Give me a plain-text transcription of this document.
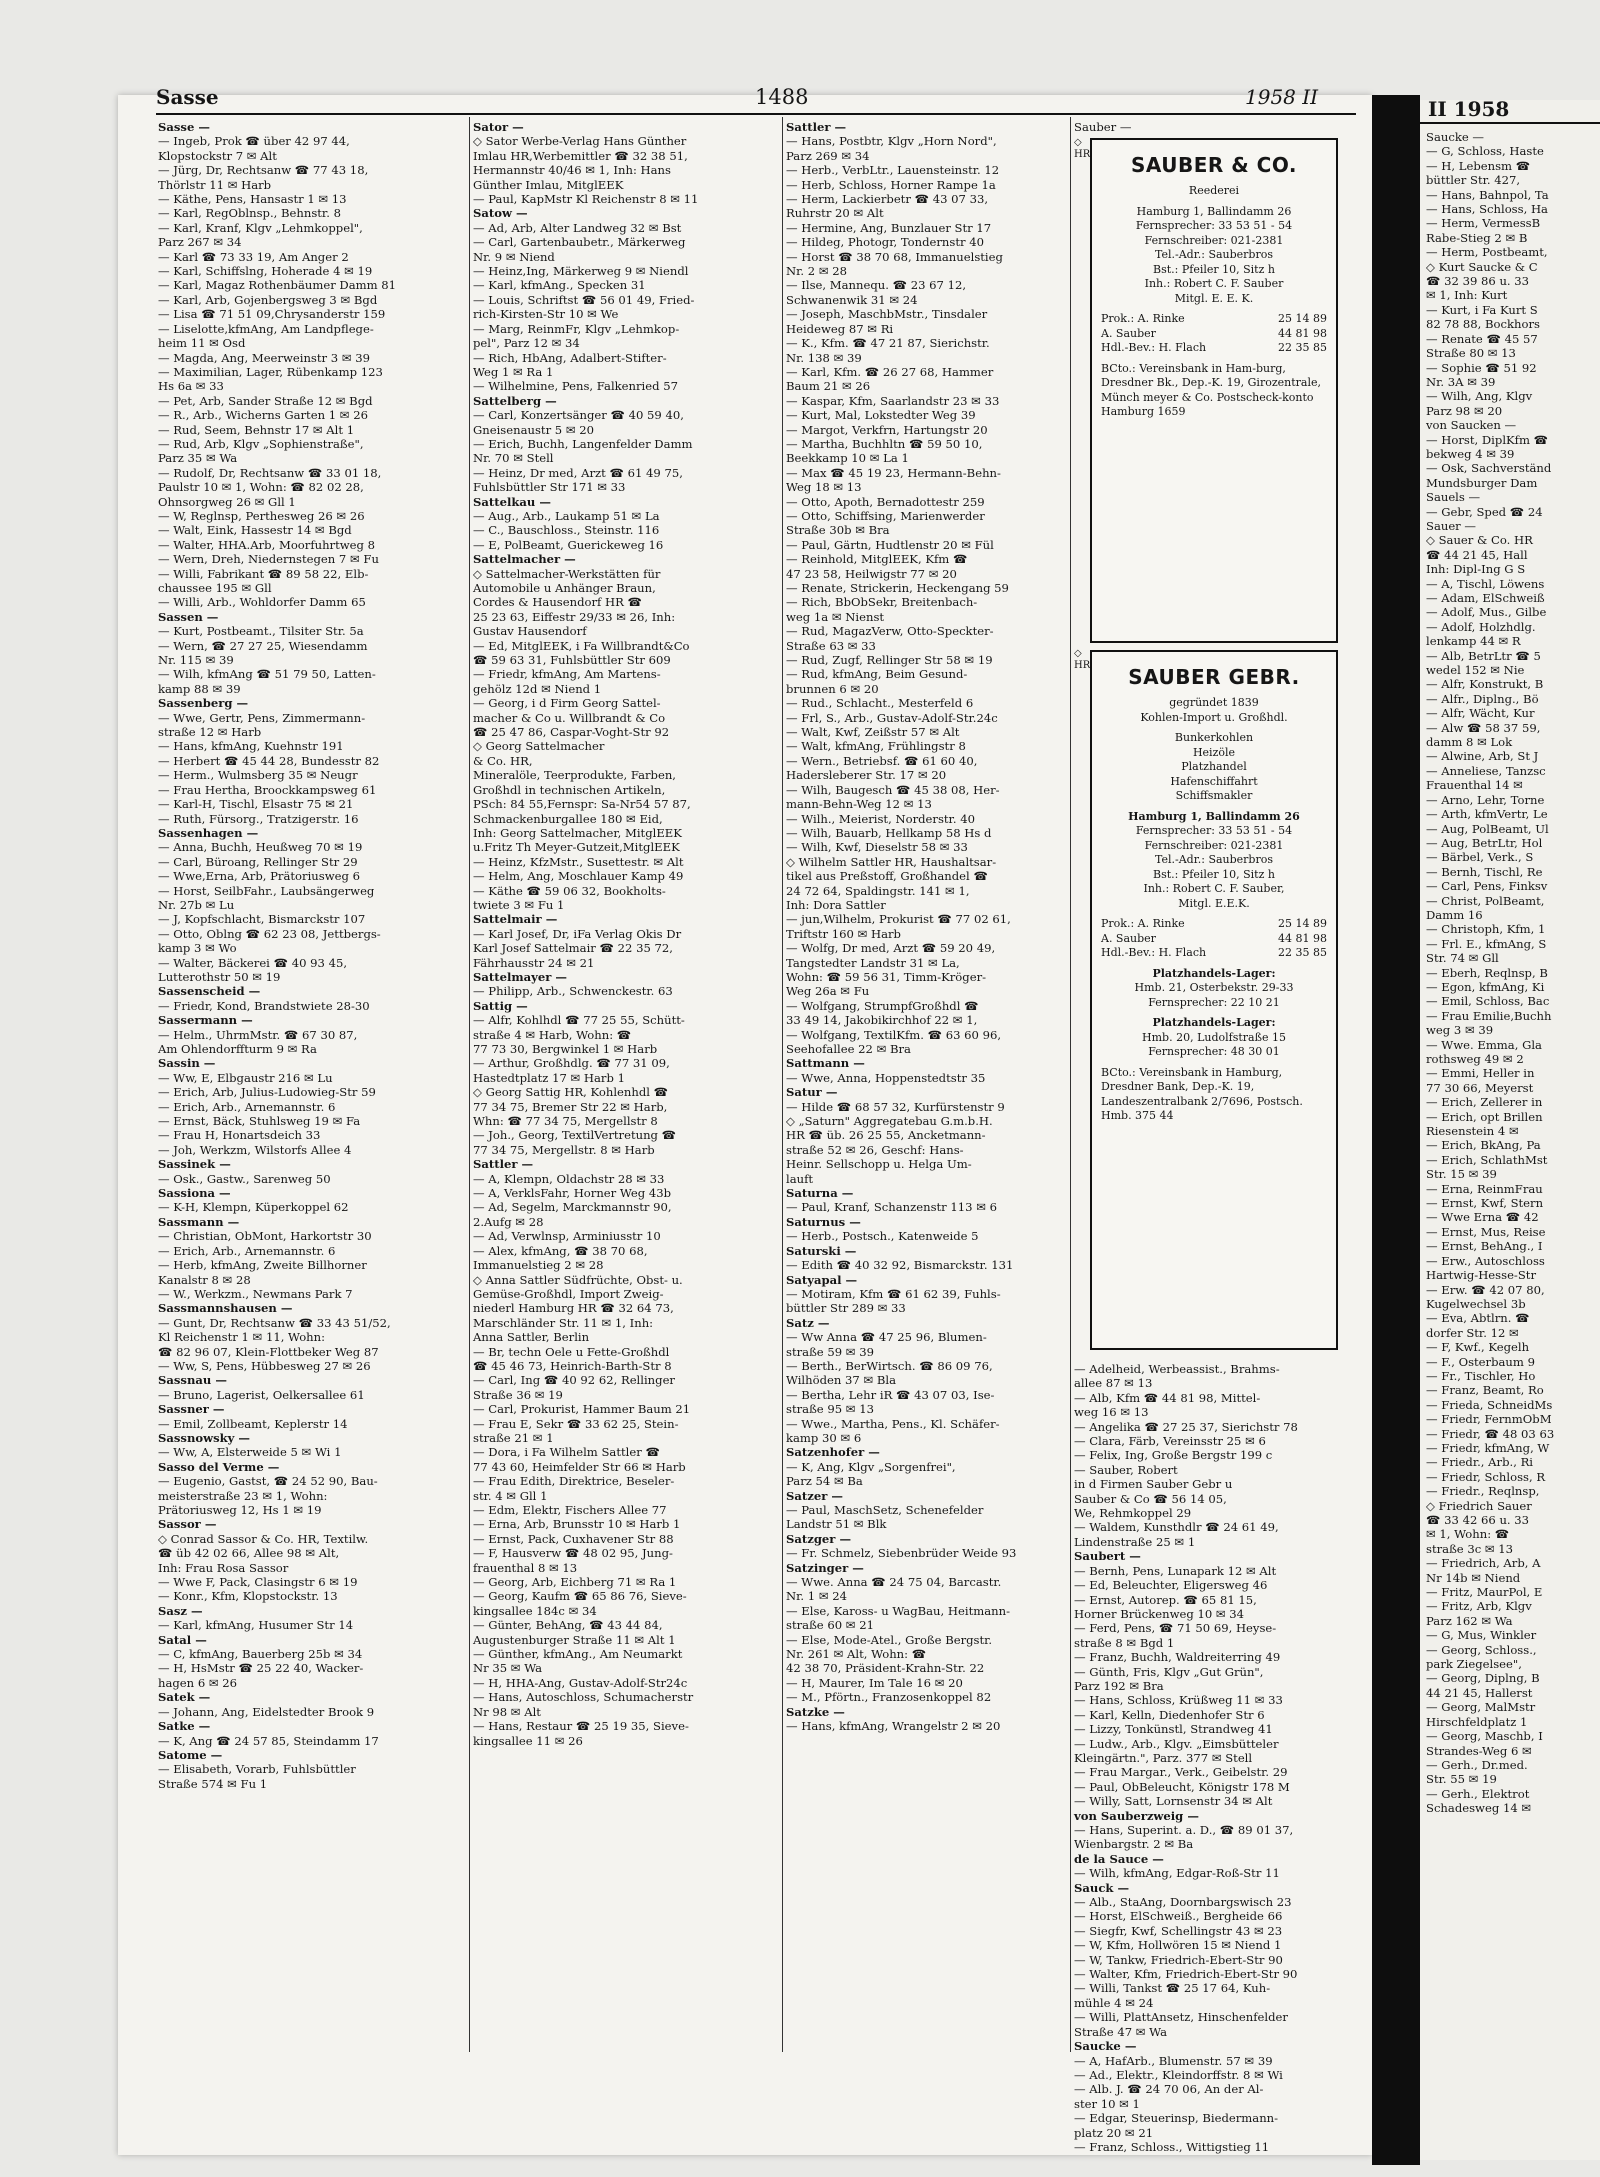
II 1958
Saucke —
— G, Schloss, Haste
— H, Lebensm ☎
büttler Str. 427,
— Hans, Bahnpol, Ta
— Hans, Schloss, Ha
— Herm, VermessB
Rabe-Stieg 2 ✉ B
— Herm, Postbeamt,
◇ Kurt Saucke & C
☎ 32 39 86 u. 33
✉ 1, Inh: Kurt
— Kurt, i Fa Kurt S
82 78 88, Bockhors
— Renate ☎ 45 57
Straße 80 ✉ 13
— Sophie ☎ 51 92
Nr. 3A ✉ 39
— Wilh, Ang, Klgv
Parz 98 ✉ 20
von Saucken —
— Horst, DiplKfm ☎
bekweg 4 ✉ 39
— Osk, Sachverständ
Mundsburger Dam
Sauels —
— Gebr, Sped ☎ 24
Sauer —
◇ Sauer & Co. HR
☎ 44 21 45, Hall
Inh: Dipl-Ing G S
— A, Tischl, Löwens
— Adam, ElSchweiß
— Adolf, Mus., Gilbe
— Adolf, Holzhdlg.
lenkamp 44 ✉ R
— Alb, BetrLtr ☎ 5
wedel 152 ✉ Nie
— Alfr, Konstrukt, B
— Alfr., Diplng., Bö
— Alfr, Wächt, Kur
— Alw ☎ 58 37 59,
damm 8 ✉ Lok
— Alwine, Arb, St J
— Anneliese, Tanzsc
Frauenthal 14 ✉
— Arno, Lehr, Torne
— Arth, kfmVertr, Le
— Aug, PolBeamt, Ul
— Aug, BetrLtr, Hol
— Bärbel, Verk., S
— Bernh, Tischl, Re
— Carl, Pens, Finksv
— Christ, PolBeamt,
Damm 16
— Christoph, Kfm, 1
— Frl. E., kfmAng, S
Str. 74 ✉ Gll
— Eberh, Reqlnsp, B
— Egon, kfmAng, Ki
— Emil, Schloss, Bac
— Frau Emilie,Buchh
weg 3 ✉ 39
— Wwe. Emma, Gla
rothsweg 49 ✉ 2
— Emmi, Heller in
77 30 66, Meyerst
— Erich, Zellerer in
— Erich, opt Brillen
Riesenstein 4 ✉
— Erich, BkAng, Pa
— Erich, SchlathMst
Str. 15 ✉ 39
— Erna, ReinmFrau
— Ernst, Kwf, Stern
— Wwe Erna ☎ 42
— Ernst, Mus, Reise
— Ernst, BehAng., I
— Erw., Autoschloss
Hartwig-Hesse-Str
— Erw. ☎ 42 07 80,
Kugelwechsel 3b
— Eva, Abtlrn. ☎
dorfer Str. 12 ✉
— F, Kwf., Kegelh
— F., Osterbaum 9
— Fr., Tischler, Ho
— Franz, Beamt, Ro
— Frieda, SchneidMs
— Friedr, FernmObM
— Friedr, ☎ 48 03 63
— Friedr, kfmAng, W
— Friedr., Arb., Ri
— Friedr, Schloss, R
— Friedr., Reqlnsp,
◇ Friedrich Sauer
☎ 33 42 66 u. 33
✉ 1, Wohn: ☎
straße 3c ✉ 13
— Friedrich, Arb, A
Nr 14b ✉ Niend
— Fritz, MaurPol, E
— Fritz, Arb, Klgv
Parz 162 ✉ Wa
— G, Mus, Winkler
— Georg, Schloss.,
park Ziegelsee",
— Georg, Diplng, B
44 21 45, Hallerst
— Georg, MalMstr
Hirschfeldplatz 1
— Georg, Maschb, I
Strandes-Weg 6 ✉
— Gerh., Dr.med.
Str. 55 ✉ 19
— Gerh., Elektrot
Schadesweg 14 ✉
Sasse	1488	1958 II
Sasse —
— Ingeb, Prok ☎ über 42 97 44,
Klopstockstr 7 ✉ Alt
— Jürg, Dr, Rechtsanw ☎ 77 43 18,
Thörlstr 11 ✉ Harb
— Käthe, Pens, Hansastr 1 ✉ 13
— Karl, RegOblnsp., Behnstr. 8
— Karl, Kranf, Klgv „Lehmkoppel",
Parz 267 ✉ 34
— Karl ☎ 73 33 19, Am Anger 2
— Karl, Schiffslng, Hoherade 4 ✉ 19
— Karl, Magaz Rothenbäumer Damm 81
— Karl, Arb, Gojenbergsweg 3 ✉ Bgd
— Lisa ☎ 71 51 09,Chrysanderstr 159
— Liselotte,kfmAng, Am Landpflege-
heim 11 ✉ Osd
— Magda, Ang, Meerweinstr 3 ✉ 39
— Maximilian, Lager, Rübenkamp 123
Hs 6a ✉ 33
— Pet, Arb, Sander Straße 12 ✉ Bgd
— R., Arb., Wicherns Garten 1 ✉ 26
— Rud, Seem, Behnstr 17 ✉ Alt 1
— Rud, Arb, Klgv „Sophienstraße",
Parz 35 ✉ Wa
— Rudolf, Dr, Rechtsanw ☎ 33 01 18,
Paulstr 10 ✉ 1, Wohn: ☎ 82 02 28,
Ohnsorgweg 26 ✉ Gll 1
— W, Reglnsp, Perthesweg 26 ✉ 26
— Walt, Eink, Hassestr 14 ✉ Bgd
— Walter, HHA.Arb, Moorfuhrtweg 8
— Wern, Dreh, Niedernstegen 7 ✉ Fu
— Willi, Fabrikant ☎ 89 58 22, Elb-
chaussee 195 ✉ Gll
— Willi, Arb., Wohldorfer Damm 65
Sassen —
— Kurt, Postbeamt., Tilsiter Str. 5a
— Wern, ☎ 27 27 25, Wiesendamm
Nr. 115 ✉ 39
— Wilh, kfmAng ☎ 51 79 50, Latten-
kamp 88 ✉ 39
Sassenberg —
— Wwe, Gertr, Pens, Zimmermann-
straße 12 ✉ Harb
— Hans, kfmAng, Kuehnstr 191
— Herbert ☎ 45 44 28, Bundesstr 82
— Herm., Wulmsberg 35 ✉ Neugr
— Frau Hertha, Broockkampsweg 61
— Karl-H, Tischl, Elsastr 75 ✉ 21
— Ruth, Fürsorg., Tratzigerstr. 16
Sassenhagen —
— Anna, Buchh, Heußweg 70 ✉ 19
— Carl, Büroang, Rellinger Str 29
— Wwe,Erna, Arb, Prätoriusweg 6
— Horst, SeilbFahr., Laubsängerweg
Nr. 27b ✉ Lu
— J, Kopfschlacht, Bismarckstr 107
— Otto, Oblng ☎ 62 23 08, Jettbergs-
kamp 3 ✉ Wo
— Walter, Bäckerei ☎ 40 93 45,
Lutterothstr 50 ✉ 19
Sassenscheid —
— Friedr, Kond, Brandstwiete 28-30
Sassermann —
— Helm., UhrmMstr. ☎ 67 30 87,
Am Ohlendorffturm 9 ✉ Ra
Sassin —
— Ww, E, Elbgaustr 216 ✉ Lu
— Erich, Arb, Julius-Ludowieg-Str 59
— Erich, Arb., Arnemannstr. 6
— Ernst, Bäck, Stuhlsweg 19 ✉ Fa
— Frau H, Honartsdeich 33
— Joh, Werkzm, Wilstorfs Allee 4
Sassinek —
— Osk., Gastw., Sarenweg 50
Sassiona —
— K-H, Klempn, Küperkoppel 62
Sassmann —
— Christian, ObMont, Harkortstr 30
— Erich, Arb., Arnemannstr. 6
— Herb, kfmAng, Zweite Billhorner
Kanalstr 8 ✉ 28
— W., Werkzm., Newmans Park 7
Sassmannshausen —
— Gunt, Dr, Rechtsanw ☎ 33 43 51/52,
Kl Reichenstr 1 ✉ 11, Wohn:
☎ 82 96 07, Klein-Flottbeker Weg 87
— Ww, S, Pens, Hübbesweg 27 ✉ 26
Sassnau —
— Bruno, Lagerist, Oelkersallee 61
Sassner —
— Emil, Zollbeamt, Keplerstr 14
Sassnowsky —
— Ww, A, Elsterweide 5 ✉ Wi 1
Sasso del Verme —
— Eugenio, Gastst, ☎ 24 52 90, Bau-
meisterstraße 23 ✉ 1, Wohn:
Prätoriusweg 12, Hs 1 ✉ 19
Sassor —
◇ Conrad Sassor & Co. HR, Textilw.
☎ üb 42 02 66, Allee 98 ✉ Alt,
Inh: Frau Rosa Sassor
— Wwe F, Pack, Clasingstr 6 ✉ 19
— Konr., Kfm, Klopstockstr. 13
Sasz —
— Karl, kfmAng, Husumer Str 14
Satal —
— C, kfmAng, Bauerberg 25b ✉ 34
— H, HsMstr ☎ 25 22 40, Wacker-
hagen 6 ✉ 26
Satek —
— Johann, Ang, Eidelstedter Brook 9
Satke —
— K, Ang ☎ 24 57 85, Steindamm 17
Satome —
— Elisabeth, Vorarb, Fuhlsbüttler
Straße 574 ✉ Fu 1
Sator —
◇ Sator Werbe-Verlag Hans Günther
Imlau HR,Werbemittler ☎ 32 38 51,
Hermannstr 40/46 ✉ 1, Inh: Hans
Günther Imlau, MitglEEK
— Paul, KapMstr Kl Reichenstr 8 ✉ 11
Satow —
— Ad, Arb, Alter Landweg 32 ✉ Bst
— Carl, Gartenbaubetr., Märkerweg
Nr. 9 ✉ Niend
— Heinz,Ing, Märkerweg 9 ✉ Niendl
— Karl, kfmAng., Specken 31
— Louis, Schriftst ☎ 56 01 49, Fried-
rich-Kirsten-Str 10 ✉ We
— Marg, ReinmFr, Klgv „Lehmkop-
pel", Parz 12 ✉ 34
— Rich, HbAng, Adalbert-Stifter-
Weg 1 ✉ Ra 1
— Wilhelmine, Pens, Falkenried 57
Sattelberg —
— Carl, Konzertsänger ☎ 40 59 40,
Gneisenaustr 5 ✉ 20
— Erich, Buchh, Langenfelder Damm
Nr. 70 ✉ Stell
— Heinz, Dr med, Arzt ☎ 61 49 75,
Fuhlsbüttler Str 171 ✉ 33
Sattelkau —
— Aug., Arb., Laukamp 51 ✉ La
— C., Bauschloss., Steinstr. 116
— E, PolBeamt, Guerickeweg 16
Sattelmacher —
◇ Sattelmacher-Werkstätten für
Automobile u Anhänger Braun,
Cordes & Hausendorf HR ☎
25 23 63, Eiffestr 29/33 ✉ 26, Inh:
Gustav Hausendorf
— Ed, MitglEEK, i Fa Willbrandt&Co
☎ 59 63 31, Fuhlsbüttler Str 609
— Friedr, kfmAng, Am Martens-
gehölz 12d ✉ Niend 1
— Georg, i d Firm Georg Sattel-
macher & Co u. Willbrandt & Co
☎ 25 47 86, Caspar-Voght-Str 92
◇ Georg Sattelmacher
& Co. HR,
Mineralöle, Teerprodukte, Farben,
Großhdl in technischen Artikeln,
PSch: 84 55,Fernspr: Sa-Nr54 57 87,
Schmackenburgallee 180 ✉ Eid,
Inh: Georg Sattelmacher, MitglEEK
u.Fritz Th Meyer-Gutzeit,MitglEEK
— Heinz, KfzMstr., Susettestr. ✉ Alt
— Helm, Ang, Moschlauer Kamp 49
— Käthe ☎ 59 06 32, Bookholts-
twiete 3 ✉ Fu 1
Sattelmair —
— Karl Josef, Dr, iFa Verlag Okis Dr
Karl Josef Sattelmair ☎ 22 35 72,
Fährhausstr 24 ✉ 21
Sattelmayer —
— Philipp, Arb., Schwenckestr. 63
Sattig —
— Alfr, Kohlhdl ☎ 77 25 55, Schütt-
straße 4 ✉ Harb, Wohn: ☎
77 73 30, Bergwinkel 1 ✉ Harb
— Arthur, Großhdlg. ☎ 77 31 09,
Hastedtplatz 17 ✉ Harb 1
◇ Georg Sattig HR, Kohlenhdl ☎
77 34 75, Bremer Str 22 ✉ Harb,
Whn: ☎ 77 34 75, Mergellstr 8
— Joh., Georg, TextilVertretung ☎
77 34 75, Mergellstr. 8 ✉ Harb
Sattler —
— A, Klempn, Oldachstr 28 ✉ 33
— A, VerklsFahr, Horner Weg 43b
— Ad, Segelm, Marckmannstr 90,
2.Aufg ✉ 28
— Ad, Verwlnsp, Arminiusstr 10
— Alex, kfmAng, ☎ 38 70 68,
Immanuelstieg 2 ✉ 28
◇ Anna Sattler Südfrüchte, Obst- u.
Gemüse-Großhdl, Import Zweig-
niederl Hamburg HR ☎ 32 64 73,
Marschländer Str. 11 ✉ 1, Inh:
Anna Sattler, Berlin
— Br, techn Oele u Fette-Großhdl
☎ 45 46 73, Heinrich-Barth-Str 8
— Carl, Ing ☎ 40 92 62, Rellinger
Straße 36 ✉ 19
— Carl, Prokurist, Hammer Baum 21
— Frau E, Sekr ☎ 33 62 25, Stein-
straße 21 ✉ 1
— Dora, i Fa Wilhelm Sattler ☎
77 43 60, Heimfelder Str 66 ✉ Harb
— Frau Edith, Direktrice, Beseler-
str. 4 ✉ Gll 1
— Edm, Elektr, Fischers Allee 77
— Erna, Arb, Brunsstr 10 ✉ Harb 1
— Ernst, Pack, Cuxhavener Str 88
— F, Hausverw ☎ 48 02 95, Jung-
frauenthal 8 ✉ 13
— Georg, Arb, Eichberg 71 ✉ Ra 1
— Georg, Kaufm ☎ 65 86 76, Sieve-
kingsallee 184c ✉ 34
— Günter, BehAng, ☎ 43 44 84,
Augustenburger Straße 11 ✉ Alt 1
— Günther, kfmAng., Am Neumarkt
Nr 35 ✉ Wa
— H, HHA-Ang, Gustav-Adolf-Str24c
— Hans, Autoschloss, Schumacherstr
Nr 98 ✉ Alt
— Hans, Restaur ☎ 25 19 35, Sieve-
kingsallee 11 ✉ 26
Sattler —
— Hans, Postbtr, Klgv „Horn Nord",
Parz 269 ✉ 34
— Herb., VerbLtr., Lauensteinstr. 12
— Herb, Schloss, Horner Rampe 1a
— Herm, Lackierbetr ☎ 43 07 33,
Ruhrstr 20 ✉ Alt
— Hermine, Ang, Bunzlauer Str 17
— Hildeg, Photogr, Tondernstr 40
— Horst ☎ 38 70 68, Immanuelstieg
Nr. 2 ✉ 28
— Ilse, Mannequ. ☎ 23 67 12,
Schwanenwik 31 ✉ 24
— Joseph, MaschbMstr., Tinsdaler
Heideweg 87 ✉ Ri
— K., Kfm. ☎ 47 21 87, Sierichstr.
Nr. 138 ✉ 39
— Karl, Kfm. ☎ 26 27 68, Hammer
Baum 21 ✉ 26
— Kaspar, Kfm, Saarlandstr 23 ✉ 33
— Kurt, Mal, Lokstedter Weg 39
— Margot, Verkfrn, Hartungstr 20
— Martha, Buchhltn ☎ 59 50 10,
Beekkamp 10 ✉ La 1
— Max ☎ 45 19 23, Hermann-Behn-
Weg 18 ✉ 13
— Otto, Apoth, Bernadottestr 259
— Otto, Schiffsing, Marienwerder
Straße 30b ✉ Bra
— Paul, Gärtn, Hudtlenstr 20 ✉ Fül
— Reinhold, MitglEEK, Kfm ☎
47 23 58, Heilwigstr 77 ✉ 20
— Renate, Strickerin, Heckengang 59
— Rich, BbObSekr, Breitenbach-
weg 1a ✉ Nienst
— Rud, MagazVerw, Otto-Speckter-
Straße 63 ✉ 33
— Rud, Zugf, Rellinger Str 58 ✉ 19
— Rud, kfmAng, Beim Gesund-
brunnen 6 ✉ 20
— Rud., Schlacht., Mesterfeld 6
— Frl, S., Arb., Gustav-Adolf-Str.24c
— Walt, Kwf, Zeißstr 57 ✉ Alt
— Walt, kfmAng, Frühlingstr 8
— Wern., Betriebsf. ☎ 61 60 40,
Hadersleberer Str. 17 ✉ 20
— Wilh, Baugesch ☎ 45 38 08, Her-
mann-Behn-Weg 12 ✉ 13
— Wilh., Meierist, Norderstr. 40
— Wilh, Bauarb, Hellkamp 58 Hs d
— Wilh, Kwf, Dieselstr 58 ✉ 33
◇ Wilhelm Sattler HR, Haushaltsar-
tikel aus Preßstoff, Großhandel ☎
24 72 64, Spaldingstr. 141 ✉ 1,
Inh: Dora Sattler
— jun,Wilhelm, Prokurist ☎ 77 02 61,
Triftstr 160 ✉ Harb
— Wolfg, Dr med, Arzt ☎ 59 20 49,
Tangstedter Landstr 31 ✉ La,
Wohn: ☎ 59 56 31, Timm-Kröger-
Weg 26a ✉ Fu
— Wolfgang, StrumpfGroßhdl ☎
33 49 14, Jakobikirchhof 22 ✉ 1,
— Wolfgang, TextilKfm. ☎ 63 60 96,
Seehofallee 22 ✉ Bra
Sattmann —
— Wwe, Anna, Hoppenstedtstr 35
Satur —
— Hilde ☎ 68 57 32, Kurfürstenstr 9
◇ „Saturn" Aggregatebau G.m.b.H.
HR ☎ üb. 26 25 55, Ancketmann-
straße 52 ✉ 26, Geschf: Hans-
Heinr. Sellschopp u. Helga Um-
lauft
Saturna —
— Paul, Kranf, Schanzenstr 113 ✉ 6
Saturnus —
— Herb., Postsch., Katenweide 5
Saturski —
— Edith ☎ 40 32 92, Bismarckstr. 131
Satyapal —
— Motiram, Kfm ☎ 61 62 39, Fuhls-
büttler Str 289 ✉ 33
Satz —
— Ww Anna ☎ 47 25 96, Blumen-
straße 59 ✉ 39
— Berth., BerWirtsch. ☎ 86 09 76,
Wilhöden 37 ✉ Bla
— Bertha, Lehr iR ☎ 43 07 03, Ise-
straße 95 ✉ 13
— Wwe., Martha, Pens., Kl. Schäfer-
kamp 30 ✉ 6
Satzenhofer —
— K, Ang, Klgv „Sorgenfrei",
Parz 54 ✉ Ba
Satzer —
— Paul, MaschSetz, Schenefelder
Landstr 51 ✉ Blk
Satzger —
— Fr. Schmelz, Siebenbrüder Weide 93
Satzinger —
— Wwe. Anna ☎ 24 75 04, Barcastr.
Nr. 1 ✉ 24
— Else, Kaross- u WagBau, Heitmann-
straße 60 ✉ 21
— Else, Mode-Atel., Große Bergstr.
Nr. 261 ✉ Alt, Wohn: ☎
42 38 70, Präsident-Krahn-Str. 22
— H, Maurer, Im Tale 16 ✉ 20
— M., Pförtn., Franzosenkoppel 82
Satzke —
— Hans, kfmAng, Wrangelstr 2 ✉ 20
Sauber —
◇ HR	SAUBER & CO.
Reederei
Hamburg 1, Ballindamm 26
Fernsprecher: 33 53 51 - 54
Fernschreiber: 021-2381
Tel.-Adr.: Sauberbros
Bst.: Pfeiler 10, Sitz h
Inh.: Robert C. F. Sauber
Mitgl. E. E. K.
Prok.: A. Rinke	25 14 89
A. Sauber	44 81 98
Hdl.-Bev.: H. Flach	22 35 85
BCto.: Vereinsbank in Ham-burg, Dresdner Bk., Dep.-K. 19, Girozentrale, Münch meyer & Co. Postscheck-konto Hamburg 1659
◇ HR	SAUBER GEBR.
gegründet 1839
Kohlen-Import u. Großhdl.
Bunkerkohlen
Heizöle
Platzhandel
Hafenschiffahrt
Schiffsmakler
Hamburg 1, Ballindamm 26
Fernsprecher: 33 53 51 - 54
Fernschreiber: 021-2381
Tel.-Adr.: Sauberbros
Bst.: Pfeiler 10, Sitz h
Inh.: Robert C. F. Sauber,
Mitgl. E.E.K.
Prok.: A. Rinke	25 14 89
A. Sauber	44 81 98
Hdl.-Bev.: H. Flach	22 35 85
Platzhandels-Lager:
Hmb. 21, Osterbekstr. 29-33
Fernsprecher: 22 10 21
Platzhandels-Lager:
Hmb. 20, Ludolfstraße 15
Fernsprecher: 48 30 01
BCto.: Vereinsbank in Hamburg, Dresdner Bank, Dep.-K. 19, Landeszentralbank 2/7696, Postsch. Hmb. 375 44
— Adelheid, Werbeassist., Brahms-
allee 87 ✉ 13
— Alb, Kfm ☎ 44 81 98, Mittel-
weg 16 ✉ 13
— Angelika ☎ 27 25 37, Sierichstr 78
— Clara, Färb, Vereinsstr 25 ✉ 6
— Felix, Ing, Große Bergstr 199 c
— Sauber, Robert
in d Firmen Sauber Gebr u
Sauber & Co ☎ 56 14 05,
We, Rehmkoppel 29
— Waldem, Kunsthdlr ☎ 24 61 49,
Lindenstraße 25 ✉ 1
Saubert —
— Bernh, Pens, Lunapark 12 ✉ Alt
— Ed, Beleuchter, Eligersweg 46
— Ernst, Autorep. ☎ 65 81 15,
Horner Brückenweg 10 ✉ 34
— Ferd, Pens, ☎ 71 50 69, Heyse-
straße 8 ✉ Bgd 1
— Franz, Buchh, Waldreiterring 49
— Günth, Fris, Klgv „Gut Grün",
Parz 192 ✉ Bra
— Hans, Schloss, Krüßweg 11 ✉ 33
— Karl, Kelln, Diedenhofer Str 6
— Lizzy, Tonkünstl, Strandweg 41
— Ludw., Arb., Klgv. „Eimsbütteler
Kleingärtn.", Parz. 377 ✉ Stell
— Frau Margar., Verk., Geibelstr. 29
— Paul, ObBeleucht, Königstr 178 M
— Willy, Satt, Lornsenstr 34 ✉ Alt
von Sauberzweig —
— Hans, Superint. a. D., ☎ 89 01 37,
Wienbargstr. 2 ✉ Ba
de la Sauce —
— Wilh, kfmAng, Edgar-Roß-Str 11
Sauck —
— Alb., StaAng, Doornbargswisch 23
— Horst, ElSchweiß., Bergheide 66
— Siegfr, Kwf, Schellingstr 43 ✉ 23
— W, Kfm, Hollwören 15 ✉ Niend 1
— W, Tankw, Friedrich-Ebert-Str 90
— Walter, Kfm, Friedrich-Ebert-Str 90
— Willi, Tankst ☎ 25 17 64, Kuh-
mühle 4 ✉ 24
— Willi, PlattAnsetz, Hinschenfelder
Straße 47 ✉ Wa
Saucke —
— A, HafArb., Blumenstr. 57 ✉ 39
— Ad., Elektr., Kleindorffstr. 8 ✉ Wi
— Alb. J. ☎ 24 70 06, An der Al-
ster 10 ✉ 1
— Edgar, Steuerinsp, Biedermann-
platz 20 ✉ 21
— Franz, Schloss., Wittigstieg 11
